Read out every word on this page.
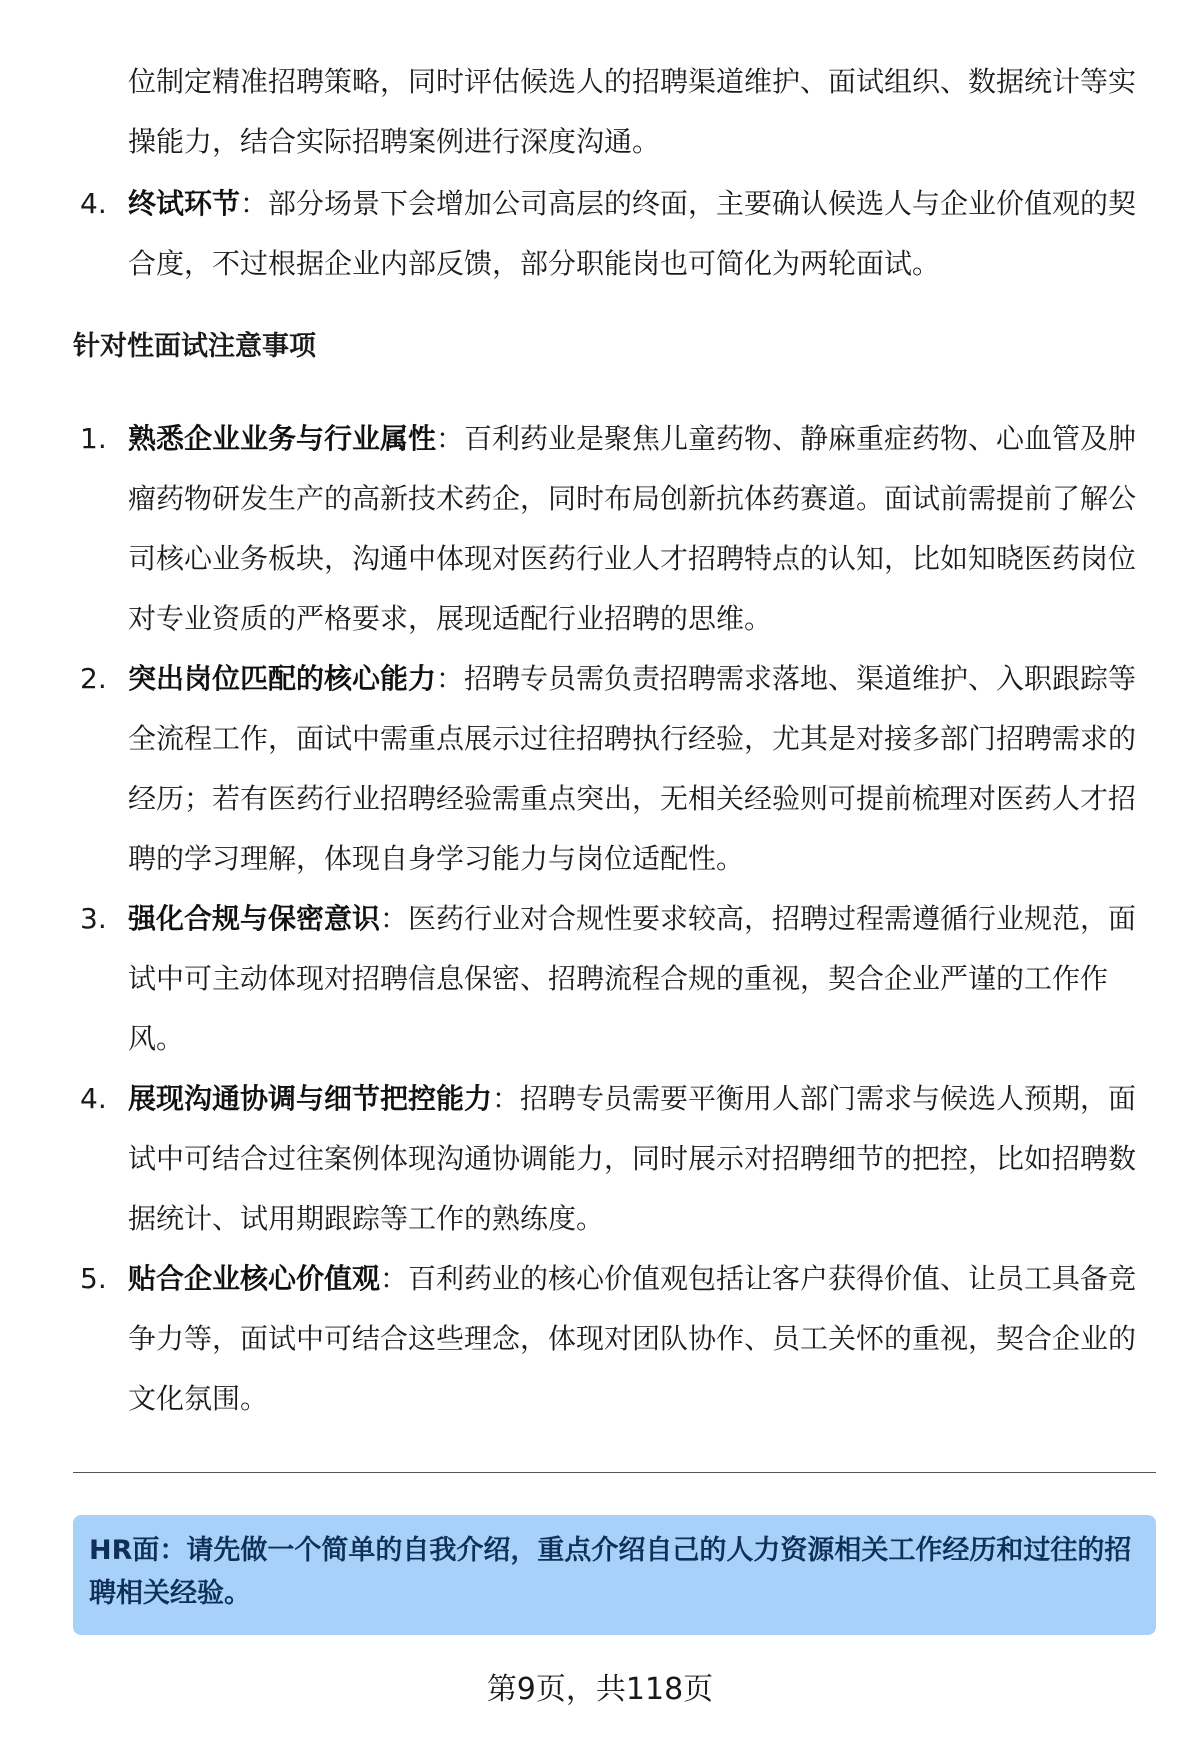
位制定精准招聘策略，同时评估候选人的招聘渠道维护、面试组织、数据统计等实操能力，结合实际招聘案例进行深度沟通。

4. 终试环节：部分场景下会增加公司高层的终面，主要确认候选人与企业价值观的契合度，不过根据企业内部反馈，部分职能岗也可简化为两轮面试。
针对性面试注意事项
1. 熟悉企业业务与行业属性：百利药业是聚焦儿童药物、静麻重症药物、心血管及肿瘤药物研发生产的高新技术药企，同时布局创新抗体药赛道。面试前需提前了解公司核心业务板块，沟通中体现对医药行业人才招聘特点的认知，比如知晓医药岗位对专业资质的严格要求，展现适配行业招聘的思维。
2. 突出岗位匹配的核心能力：招聘专员需负责招聘需求落地、渠道维护、入职跟踪等全流程工作，面试中需重点展示过往招聘执行经验，尤其是对接多部门招聘需求的经历；若有医药行业招聘经验需重点突出，无相关经验则可提前梳理对医药人才招聘的学习理解，体现自身学习能力与岗位适配性。
3. 强化合规与保密意识：医药行业对合规性要求较高，招聘过程需遵循行业规范，面试中可主动体现对招聘信息保密、招聘流程合规的重视，契合企业严谨的工作作风。
4. 展现沟通协调与细节把控能力：招聘专员需要平衡用人部门需求与候选人预期，面试中可结合过往案例体现沟通协调能力，同时展示对招聘细节的把控，比如招聘数据统计、试用期跟踪等工作的熟练度。
5. 贴合企业核心价值观：百利药业的核心价值观包括让客户获得价值、让员工具备竞争力等，面试中可结合这些理念，体现对团队协作、员工关怀的重视，契合企业的文化氛围。
HR面：请先做一个简单的自我介绍，重点介绍自己的人力资源相关工作经历和过往的招聘相关经验。
第9页，共118页
